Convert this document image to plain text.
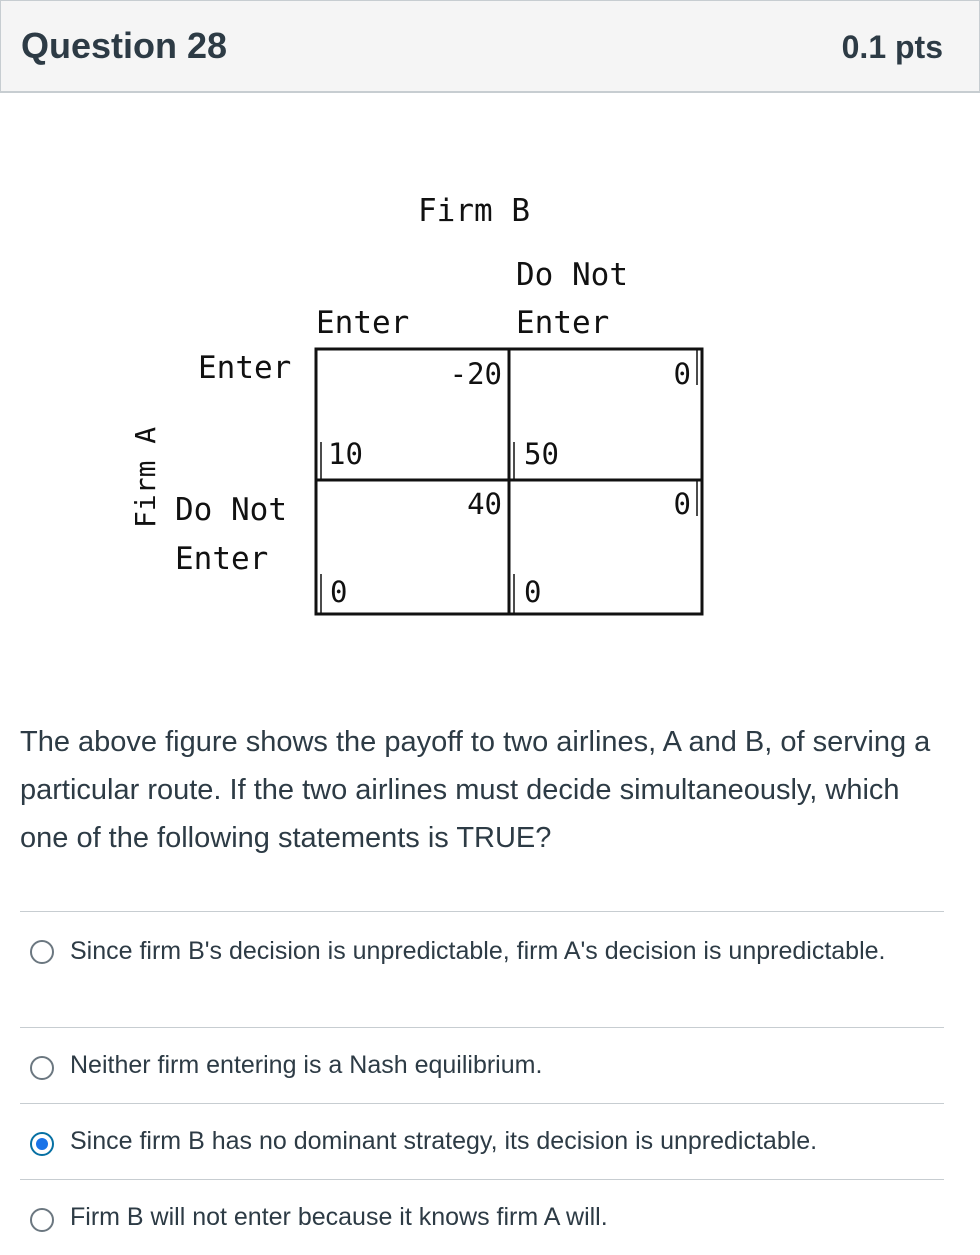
Question 28	0.1 pts
Firm B
Do Not
Enter	Enter
Enter
Do Not
Enter
Firm A
-20
10
0
50
40
0
0
0
The above figure shows the payoff to two airlines, A and B, of serving a particular route. If the two airlines must decide simultaneously, which one of the following statements is TRUE?
Since firm B's decision is unpredictable, firm A's decision is unpredictable.
Neither firm entering is a Nash equilibrium.
Since firm B has no dominant strategy, its decision is unpredictable.
Firm B will not enter because it knows firm A will.
